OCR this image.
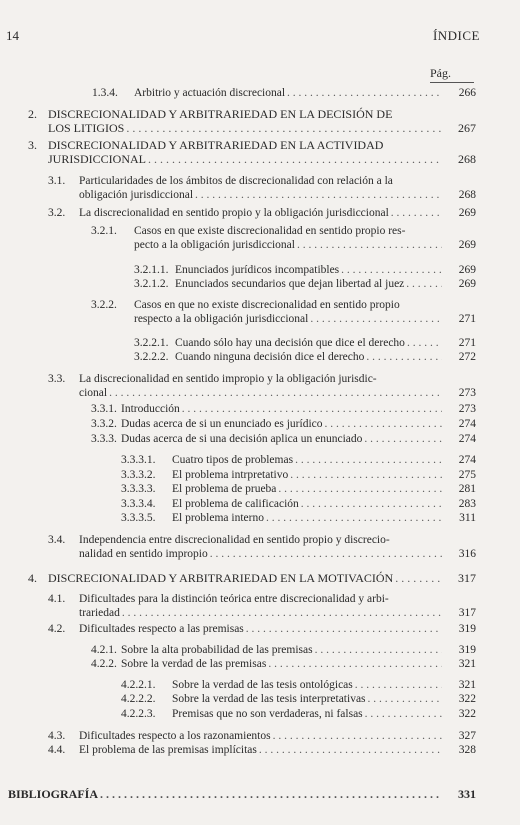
14	ÍNDICE
Pág.
1.3.4. Arbitrio y actuación discrecional . . .	266
2. DISCRECIONALIDAD Y ARBITRARIEDAD EN LA DECISIÓN DE
LOS LITIGIOS . . .	267
3. DISCRECIONALIDAD Y ARBITRARIEDAD EN LA ACTIVIDAD
JURISDICCIONAL . . .	268
3.1. Particularidades de los ámbitos de discrecionalidad con relación a la
obligación jurisdiccional . . .	268
3.2. La discrecionalidad en sentido propio y la obligación jurisdiccional . . .	269
3.2.1. Casos en que existe discrecionalidad en sentido propio res-
pecto a la obligación jurisdiccional . . .	269
3.2.1.1. Enunciados jurídicos incompatibles . . .	269
3.2.1.2. Enunciados secundarios que dejan libertad al juez . . .	269
3.2.2. Casos en que no existe discrecionalidad en sentido propio
respecto a la obligación jurisdiccional . . .	271
3.2.2.1. Cuando sólo hay una decisión que dice el derecho . . .	271
3.2.2.2. Cuando ninguna decisión dice el derecho . . .	272
3.3. La discrecionalidad en sentido impropio y la obligación jurisdic-
cional . . .	273
3.3.1. Introducción . . .	273
3.3.2. Dudas acerca de si un enunciado es jurídico . . .	274
3.3.3. Dudas acerca de si una decisión aplica un enunciado . . .	274
3.3.3.1. Cuatro tipos de problemas . . .	274
3.3.3.2. El problema intrpretativo . . .	275
3.3.3.3. El problema de prueba . . .	281
3.3.3.4. El problema de calificación . . .	283
3.3.3.5. El problema interno . . .	311
3.4. Independencia entre discrecionalidad en sentido propio y discrecio-
nalidad en sentido impropio . . .	316
4. DISCRECIONALIDAD Y ARBITRARIEDAD EN LA MOTIVACIÓN . . .	317
4.1. Dificultades para la distinción teórica entre discrecionalidad y arbi-
trariedad . . .	317
4.2. Dificultades respecto a las premisas . . .	319
4.2.1. Sobre la alta probabilidad de las premisas . . .	319
4.2.2. Sobre la verdad de las premisas . . .	321
4.2.2.1. Sobre la verdad de las tesis ontológicas . . .	321
4.2.2.2. Sobre la verdad de las tesis interpretativas . . .	322
4.2.2.3. Premisas que no son verdaderas, ni falsas . . .	322
4.3. Dificultades respecto a los razonamientos . . .	327
4.4. El problema de las premisas implícitas . . .	328
BIBLIOGRAFÍA . . .	331
